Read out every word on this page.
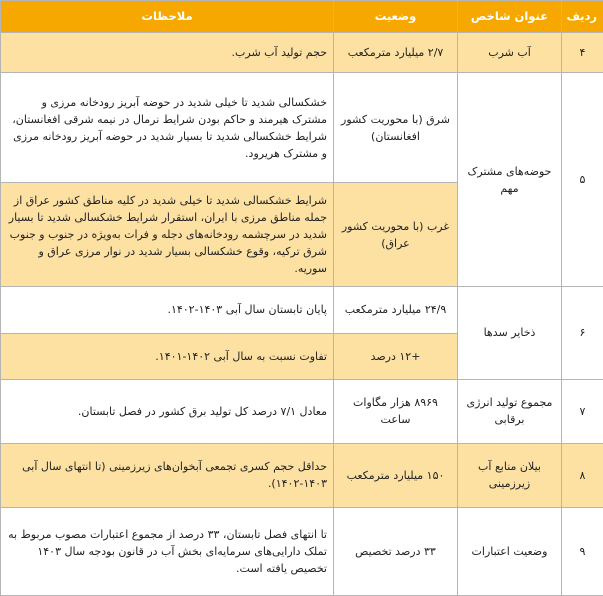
ردیف	عنوان شاخص	وضعیت	ملاحظات
۴	آب شرب	۲/۷ میلیارد مترمکعب	حجم تولید آب شرب.
۵	حوضه‌های مشترک مهم	شرق (با محوریت کشور افغانستان)	خشکسالی شدید تا خیلی شدید در حوضه آبریز رودخانه مرزی و مشترک هیرمند و حاکم بودن شرایط نرمال در نیمه شرقی افغانستان، شرایط خشکسالی شدید تا بسیار شدید در حوضه آبریز رودخانه مرزی و مشترک هریرود.
		غرب (با محوریت کشور عراق)	شرایط خشکسالی شدید تا خیلی شدید در کلیه مناطق کشور عراق از جمله مناطق مرزی با ایران، استقرار شرایط خشکسالی شدید تا بسیار شدید در سرچشمه رودخانه‌های دجله و فرات به‌ویژه در جنوب و جنوب شرق ترکیه، وقوع خشکسالی بسیار شدید در نوار مرزی عراق و سوریه.
۶	ذخایر سدها	۲۴/۹ میلیارد مترمکعب	پایان تابستان سال آبی ۱۴۰۳-۱۴۰۲.
		+۱۲ درصد	تفاوت نسبت به سال آبی ۱۴۰۲-۱۴۰۱.
۷	مجموع تولید انرژی برقابی	۸۹۶۹ هزار مگاوات ساعت	معادل ۷/۱ درصد کل تولید برق کشور در فصل تابستان.
۸	بیلان منابع آب زیرزمینی	۱۵۰ میلیارد مترمکعب	حداقل حجم کسری تجمعی آبخوان‌های زیرزمینی (تا انتهای سال آبی ۱۴۰۳-۱۴۰۲).
۹	وضعیت اعتبارات	۳۳ درصد تخصیص	تا انتهای فصل تابستان، ۳۳ درصد از مجموع اعتبارات مصوب مربوط به تملک دارایی‌های سرمایه‌ای بخش آب در قانون بودجه سال ۱۴۰۳ تخصیص یافته است.
